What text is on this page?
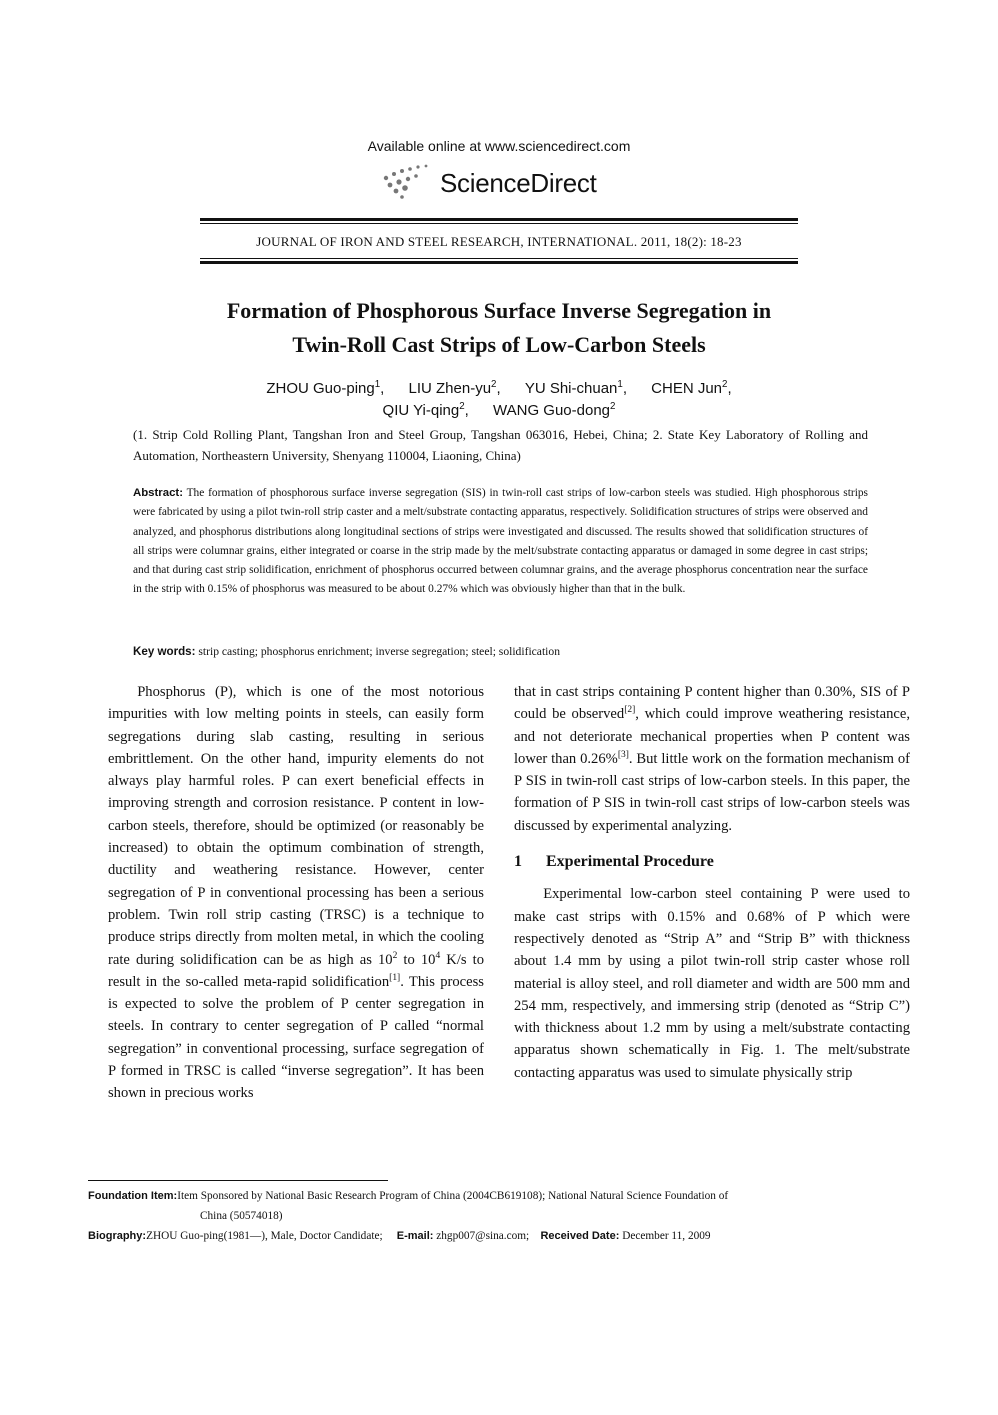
Available online at www.sciencedirect.com
ScienceDirect
JOURNAL OF IRON AND STEEL RESEARCH, INTERNATIONAL. 2011, 18(2): 18-23
Formation of Phosphorous Surface Inverse Segregation in
Twin-Roll Cast Strips of Low-Carbon Steels
ZHOU Guo-ping$^1$, LIU Zhen-$yu^2$, YU Shi-chuan$^1$, CHEN Jun$^2$,
QIU Yi-qing$^2$, WANG Guo-dong$^2$
(1. Strip Cold Rolling Plant, Tangshan Iron and Steel Group, Tangshan 063016, Hebei, China; 2. State Key Laboratory of Rolling and Automation, Northeastern University, Shenyang 110004, Liaoning, China)
Abstract: The formation of phosphorous surface inverse segregation (SIS) in twin-roll cast strips of low-carbon steels was studied. High phosphorous strips were fabricated by using a pilot twin-roll strip caster and a melt/substrate contacting apparatus, respectively. Solidification structures of strips were observed and analyzed, and phosphorus distributions along longitudinal sections of strips were investigated and discussed. The results showed that solidification structures of all strips were columnar grains, either integrated or coarse in the strip made by the melt/substrate contacting apparatus or damaged in some degree in cast strips; and that during cast strip solidification, enrichment of phosphorus occurred between columnar grains, and the average phosphorus concentration near the surface in the strip with 0.15% of phosphorus was measured to be about 0.27% which was obviously higher than that in the bulk.
Key words: strip casting; phosphorus enrichment; inverse segregation; steel; solidification

Phosphorus (P), which is one of the most notorious impurities with low melting points in steels, can easily form segregations during slab casting, resulting in serious embrittlement. On the other hand, impurity elements do not always play harmful roles. P can exert beneficial effects in improving strength and corrosion resistance. P content in low-carbon steels, therefore, should be optimized (or reasonably be increased) to obtain the optimum combination of strength, ductility and weathering resistance. However, center segregation of P in conventional processing has been a serious problem. Twin roll strip casting (TRSC) is a technique to produce strips directly from molten metal, in which the cooling rate during solidification can be as high as $10^2$ to $10^4$ K/s to result in the so-called meta-rapid solidification[1]. This process is expected to solve the problem of P center segregation in steels. In contrary to center segregation of P called “normal segregation” in conventional processing, surface segregation of P formed in TRSC is called “inverse segregation”. It has been shown in precious works

that in cast strips containing P content higher than 0.30%, SIS of P could be observed[2], which could improve weathering resistance, and not deteriorate mechanical properties when P content was lower than 0.26%[3]. But little work on the formation mechanism of P SIS in twin-roll cast strips of low-carbon steels. In this paper, the formation of P SIS in twin-roll cast strips of low-carbon steels was discussed by experimental analyzing.

1 Experimental Procedure

Experimental low-carbon steel containing P were used to make cast strips with 0.15% and 0.68% of P which were respectively denoted as “Strip A” and “Strip B” with thickness about 1.4 mm by using a pilot twin-roll strip caster whose roll material is alloy steel, and roll diameter and width are 500 mm and 254 mm, respectively, and immersing strip (denoted as “Strip C”) with thickness about 1.2 mm by using a melt/substrate contacting apparatus shown schematically in Fig. 1. The melt/substrate contacting apparatus was used to simulate physically strip

Foundation Item:Item Sponsored by National Basic Research Program of China (2004CB619108); National Natural Science Foundation of
China (50574018)
Biography:ZHOU Guo-ping(1981—), Male, Doctor Candidate; E-mail: zhgp007@sina.com; Received Date: December 11, 2009
